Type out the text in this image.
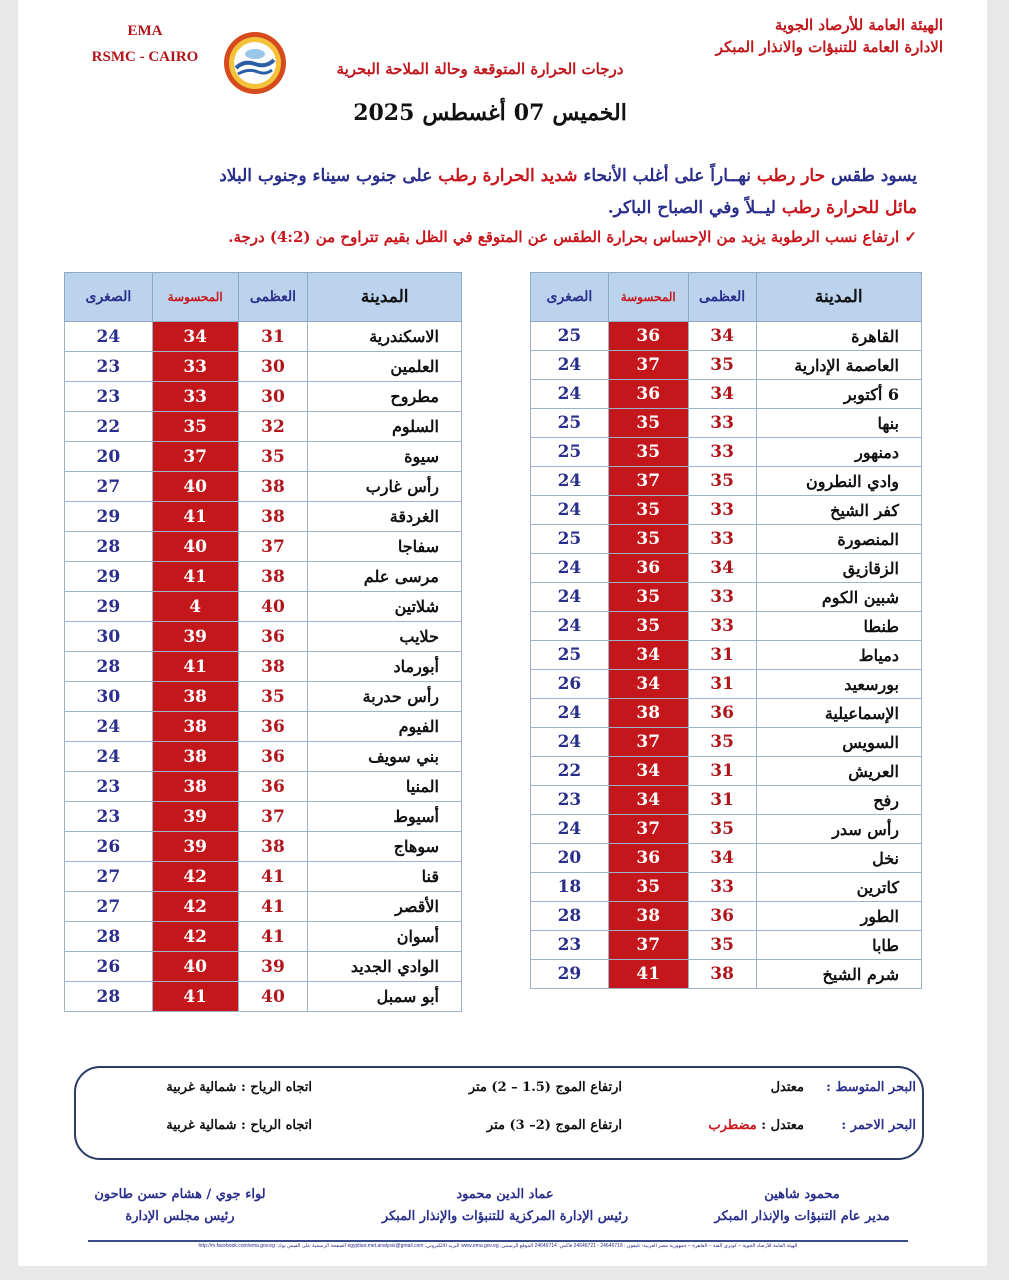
الهيئة العامة للأرصاد الجوية
الادارة العامة للتنبؤات والانذار المبكر
EMA
RSMC - CAIRO
درجات الحرارة المتوقعة وحالة الملاحة البحرية
الخميس07أغسطس2025
يسود طقس حار رطب نهــاراً على أغلب الأنحاء شديد الحرارة رطب على جنوب سيناء وجنوب البلاد
مائل للحرارة رطب ليــلاً وفي الصباح الباكر.
✓ ارتفاع نسب الرطوبة يزيد من الإحساس بحرارة الطقس عن المتوقع في الظل بقيم تتراوح من (4:2) درجة.
المدينة	العظمى	المحسوسة	الصغرى
القاهرة	34	36	25
العاصمة الإدارية	35	37	24
6 أكتوبر	34	36	24
بنها	33	35	25
دمنهور	33	35	25
وادي النطرون	35	37	24
كفر الشيخ	33	35	24
المنصورة	33	35	25
الزقازيق	34	36	24
شبين الكوم	33	35	24
طنطا	33	35	24
دمياط	31	34	25
بورسعيد	31	34	26
الإسماعيلية	36	38	24
السويس	35	37	24
العريش	31	34	22
رفح	31	34	23
رأس سدر	35	37	24
نخل	34	36	20
كاترين	33	35	18
الطور	36	38	28
طابا	35	37	23
شرم الشيخ	38	41	29
المدينة	العظمى	المحسوسة	الصغرى
الاسكندرية	31	34	24
العلمين	30	33	23
مطروح	30	33	23
السلوم	32	35	22
سيوة	35	37	20
رأس غارب	38	40	27
الغردقة	38	41	29
سفاجا	37	40	28
مرسى علم	38	41	29
شلاتين	40	4	29
حلايب	36	39	30
أبورماد	38	41	28
رأس حدربة	35	38	30
الفيوم	36	38	24
بني سويف	36	38	24
المنيا	36	38	23
أسيوط	37	39	23
سوهاج	38	39	26
قنا	41	42	27
الأقصر	41	42	27
أسوان	41	42	28
الوادي الجديد	39	40	26
أبو سمبل	40	41	28
البحر المتوسط :
معتدل
ارتفاع الموج (1.5 – 2) متر
اتجاه الرياح : شمالية غربية
البحر الاحمر :
معتدل : مضطرب
ارتفاع الموج (2– 3) متر
اتجاه الرياح : شمالية غربية
محمود شاهين
مدير عام التنبؤات والإنذار المبكر
عماد الدين محمود
رئيس الإدارة المركزية للتنبؤات والإنذار المبكر
لواء جوي / هشام حسن طاحون
رئيس مجلس الإدارة
الهيئة العامة للأرصاد الجوية – كوبري القبة – القاهرة – جمهورية مصر العربية- تليفون : 24646719 - 24646721 فاكس: 24646714 الموقع الرسمي: www.ema.gov.eg البريد الالكتروني: egyptian.met.analysis@gmail.com الصفحة الرسمية على الفيس بوك: http://m.facebook.com/ema.gov.eg
